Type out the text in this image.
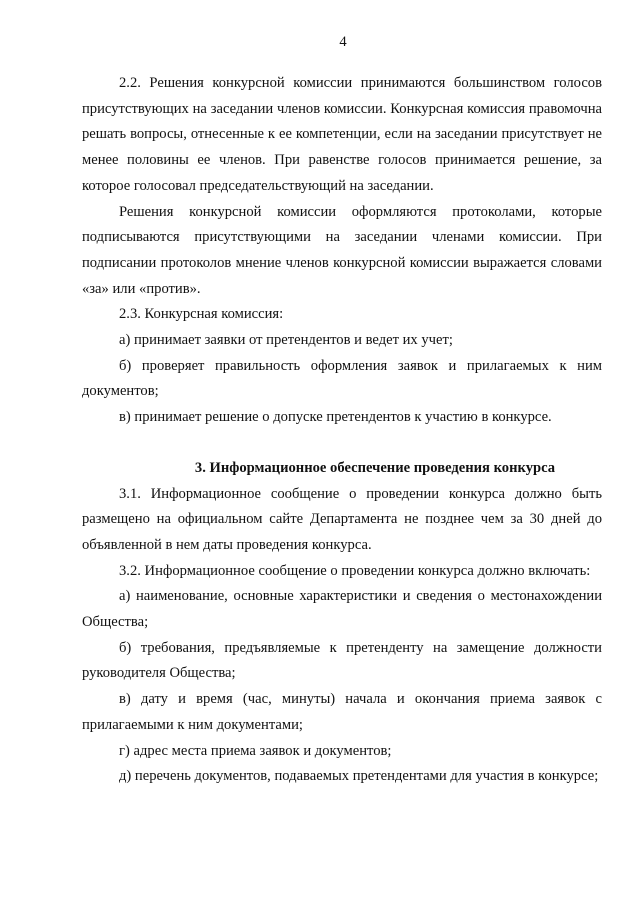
4

2.2. Решения конкурсной комиссии принимаются большинством голосов присутствующих на заседании членов комиссии. Конкурсная комиссия правомочна решать вопросы, отнесенные к ее компетенции, если на заседании присутствует не менее половины ее членов. При равенстве голосов принимается решение, за которое голосовал председательствующий на заседании.

Решения конкурсной комиссии оформляются протоколами, которые подписываются присутствующими на заседании членами комиссии. При подписании протоколов мнение членов конкурсной комиссии выражается словами «за» или «против».

2.3. Конкурсная комиссия:

а) принимает заявки от претендентов и ведет их учет;

б) проверяет правильность оформления заявок и прилагаемых к ним документов;

в) принимает решение о допуске претендентов к участию в конкурсе.

3. Информационное обеспечение проведения конкурса

3.1. Информационное сообщение о проведении конкурса должно быть размещено на официальном сайте Департамента не позднее чем за 30 дней до объявленной в нем даты проведения конкурса.

3.2. Информационное сообщение о проведении конкурса должно включать:

а) наименование, основные характеристики и сведения о местонахождении Общества;

б) требования, предъявляемые к претенденту на замещение должности руководителя Общества;

в) дату и время (час, минуты) начала и окончания приема заявок с прилагаемыми к ним документами;

г) адрес места приема заявок и документов;

д) перечень документов, подаваемых претендентами для участия в конкурсе;
